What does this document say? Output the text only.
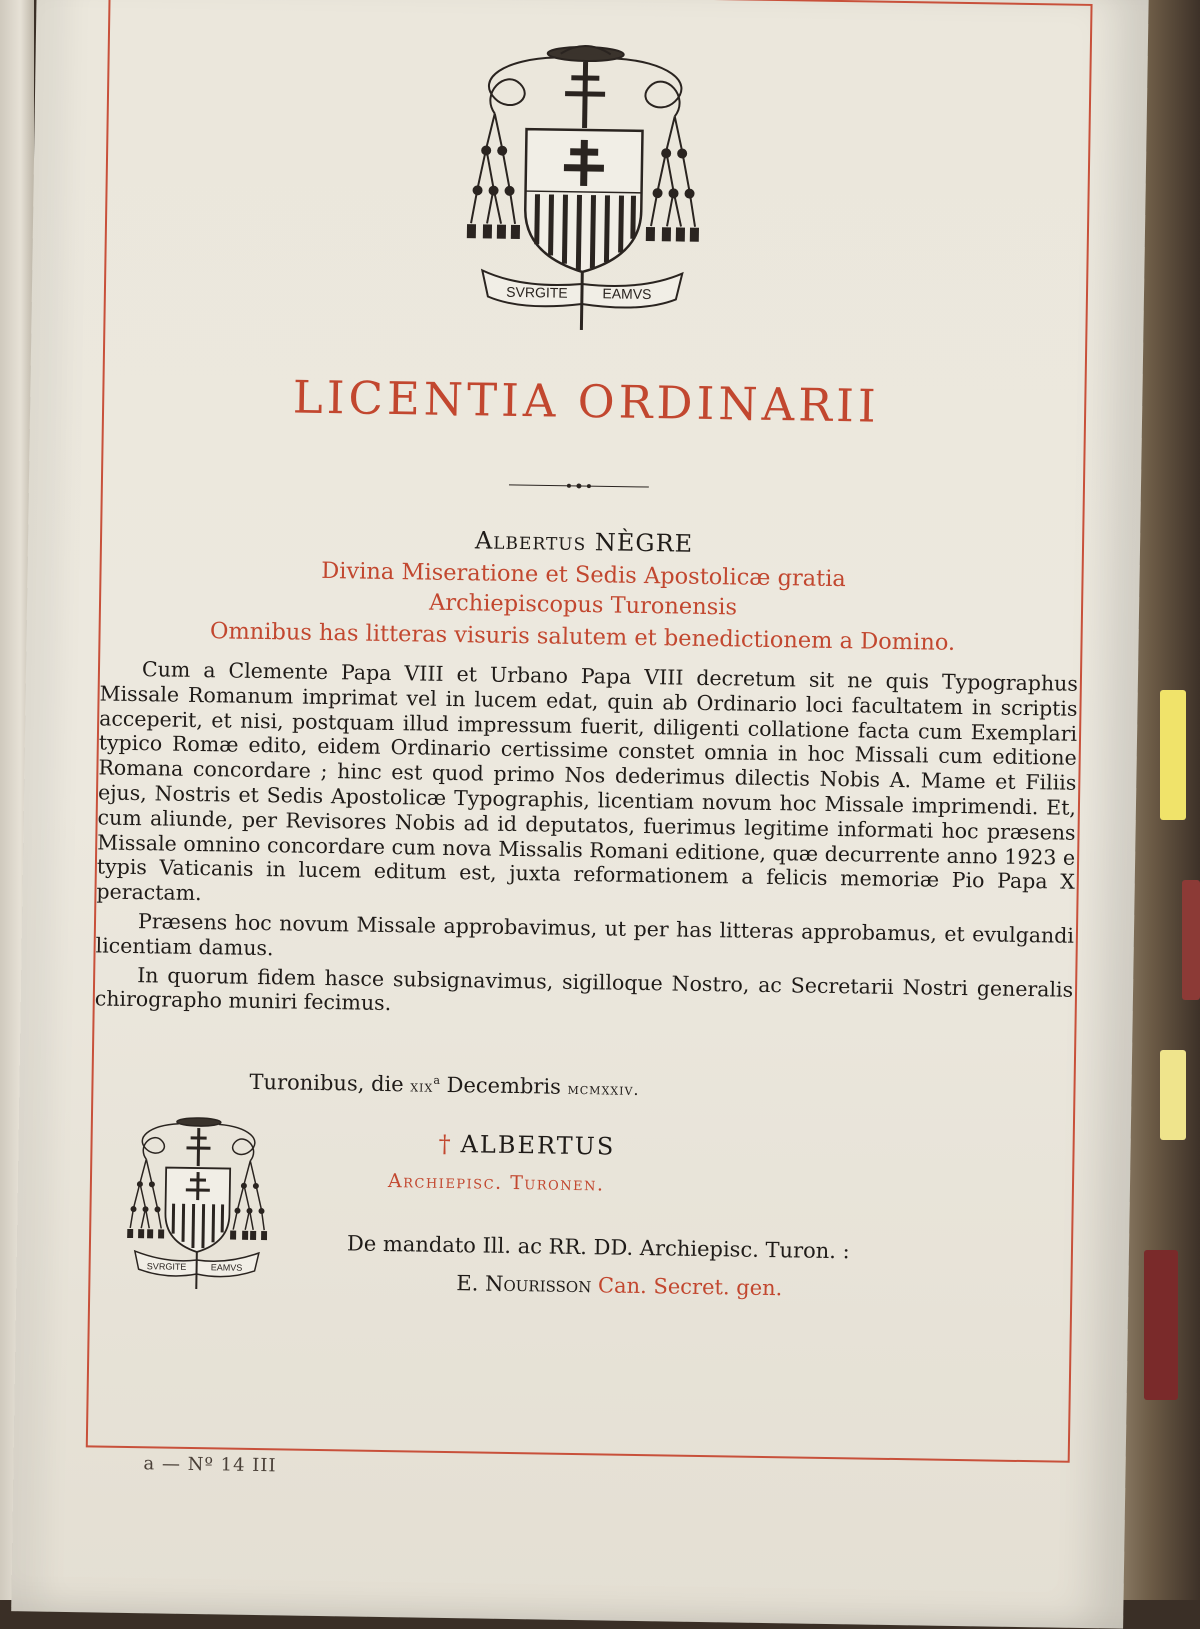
SVRGITE EAMVS
LICENTIA ORDINARII
Albertus NÈGRE
Divina Miseratione et Sedis Apostolicæ gratia
Archiepiscopus Turonensis
Omnibus has litteras visuris salutem et benedictionem a Domino.

Cum a Clemente Papa VIII et Urbano Papa VIII decretum sit ne quis Typographus Missale Romanum imprimat vel in lucem edat, quin ab Ordinario loci facultatem in scriptis acceperit, et nisi, postquam illud impressum fuerit, diligenti collatione facta cum Exemplari typico Romæ edito, eidem Ordinario certissime constet omnia in hoc Missali cum editione Romana concordare ; hinc est quod primo Nos dederimus dilectis Nobis A. Mame et Filiis ejus, Nostris et Sedis Apostolicæ Typographis, licentiam novum hoc Missale imprimendi. Et, cum aliunde, per Revisores Nobis ad id deputatos, fuerimus legitime informati hoc præsens Missale omnino concordare cum nova Missalis Romani editione, quæ decurrente anno 1923 e typis Vaticanis in lucem editum est, juxta reformationem a felicis memoriæ Pio Papa X peractam.

Præsens hoc novum Missale approbavimus, ut per has litteras approbamus, et evulgandi licentiam damus.

In quorum fidem hasce subsignavimus, sigilloque Nostro, ac Secretarii Nostri generalis chirographo muniri fecimus.

Turonibus, die xix$^a$ Decembris mcmxxiv.
† ALBERTUS
Archiepisc. Turonen.
SVRGITE	EAMVS
De mandato Ill. ac RR. DD. Archiepisc. Turon. :
E. Nourisson Can. Secret. gen.
a — Nº 14 III
